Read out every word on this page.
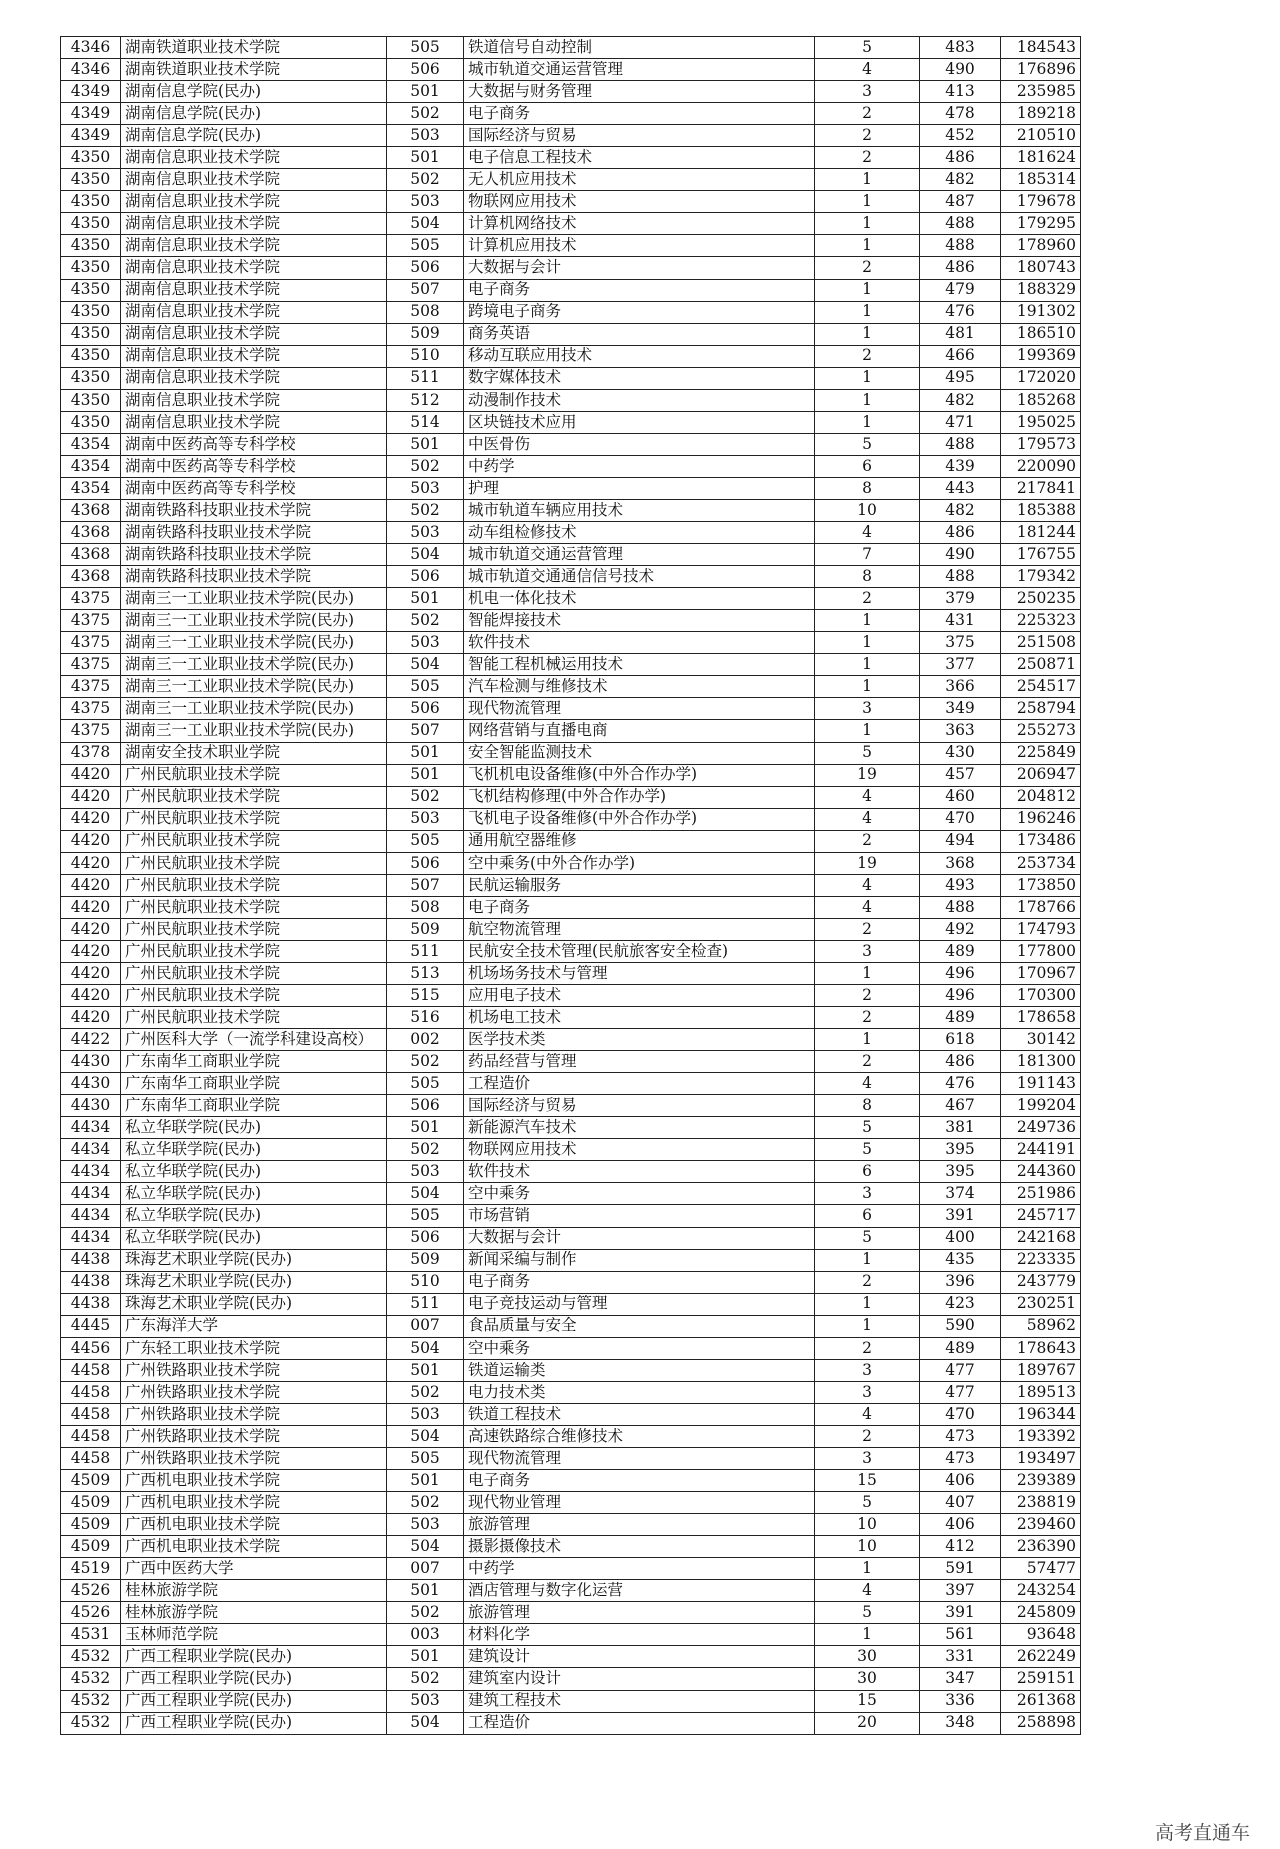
4346	湖南铁道职业技术学院	505	铁道信号自动控制	5	483	184543
4346	湖南铁道职业技术学院	506	城市轨道交通运营管理	4	490	176896
4349	湖南信息学院(民办)	501	大数据与财务管理	3	413	235985
4349	湖南信息学院(民办)	502	电子商务	2	478	189218
4349	湖南信息学院(民办)	503	国际经济与贸易	2	452	210510
4350	湖南信息职业技术学院	501	电子信息工程技术	2	486	181624
4350	湖南信息职业技术学院	502	无人机应用技术	1	482	185314
4350	湖南信息职业技术学院	503	物联网应用技术	1	487	179678
4350	湖南信息职业技术学院	504	计算机网络技术	1	488	179295
4350	湖南信息职业技术学院	505	计算机应用技术	1	488	178960
4350	湖南信息职业技术学院	506	大数据与会计	2	486	180743
4350	湖南信息职业技术学院	507	电子商务	1	479	188329
4350	湖南信息职业技术学院	508	跨境电子商务	1	476	191302
4350	湖南信息职业技术学院	509	商务英语	1	481	186510
4350	湖南信息职业技术学院	510	移动互联应用技术	2	466	199369
4350	湖南信息职业技术学院	511	数字媒体技术	1	495	172020
4350	湖南信息职业技术学院	512	动漫制作技术	1	482	185268
4350	湖南信息职业技术学院	514	区块链技术应用	1	471	195025
4354	湖南中医药高等专科学校	501	中医骨伤	5	488	179573
4354	湖南中医药高等专科学校	502	中药学	6	439	220090
4354	湖南中医药高等专科学校	503	护理	8	443	217841
4368	湖南铁路科技职业技术学院	502	城市轨道车辆应用技术	10	482	185388
4368	湖南铁路科技职业技术学院	503	动车组检修技术	4	486	181244
4368	湖南铁路科技职业技术学院	504	城市轨道交通运营管理	7	490	176755
4368	湖南铁路科技职业技术学院	506	城市轨道交通通信信号技术	8	488	179342
4375	湖南三一工业职业技术学院(民办)	501	机电一体化技术	2	379	250235
4375	湖南三一工业职业技术学院(民办)	502	智能焊接技术	1	431	225323
4375	湖南三一工业职业技术学院(民办)	503	软件技术	1	375	251508
4375	湖南三一工业职业技术学院(民办)	504	智能工程机械运用技术	1	377	250871
4375	湖南三一工业职业技术学院(民办)	505	汽车检测与维修技术	1	366	254517
4375	湖南三一工业职业技术学院(民办)	506	现代物流管理	3	349	258794
4375	湖南三一工业职业技术学院(民办)	507	网络营销与直播电商	1	363	255273
4378	湖南安全技术职业学院	501	安全智能监测技术	5	430	225849
4420	广州民航职业技术学院	501	飞机机电设备维修(中外合作办学)	19	457	206947
4420	广州民航职业技术学院	502	飞机结构修理(中外合作办学)	4	460	204812
4420	广州民航职业技术学院	503	飞机电子设备维修(中外合作办学)	4	470	196246
4420	广州民航职业技术学院	505	通用航空器维修	2	494	173486
4420	广州民航职业技术学院	506	空中乘务(中外合作办学)	19	368	253734
4420	广州民航职业技术学院	507	民航运输服务	4	493	173850
4420	广州民航职业技术学院	508	电子商务	4	488	178766
4420	广州民航职业技术学院	509	航空物流管理	2	492	174793
4420	广州民航职业技术学院	511	民航安全技术管理(民航旅客安全检查)	3	489	177800
4420	广州民航职业技术学院	513	机场场务技术与管理	1	496	170967
4420	广州民航职业技术学院	515	应用电子技术	2	496	170300
4420	广州民航职业技术学院	516	机场电工技术	2	489	178658
4422	广州医科大学（一流学科建设高校）	002	医学技术类	1	618	30142
4430	广东南华工商职业学院	502	药品经营与管理	2	486	181300
4430	广东南华工商职业学院	505	工程造价	4	476	191143
4430	广东南华工商职业学院	506	国际经济与贸易	8	467	199204
4434	私立华联学院(民办)	501	新能源汽车技术	5	381	249736
4434	私立华联学院(民办)	502	物联网应用技术	5	395	244191
4434	私立华联学院(民办)	503	软件技术	6	395	244360
4434	私立华联学院(民办)	504	空中乘务	3	374	251986
4434	私立华联学院(民办)	505	市场营销	6	391	245717
4434	私立华联学院(民办)	506	大数据与会计	5	400	242168
4438	珠海艺术职业学院(民办)	509	新闻采编与制作	1	435	223335
4438	珠海艺术职业学院(民办)	510	电子商务	2	396	243779
4438	珠海艺术职业学院(民办)	511	电子竞技运动与管理	1	423	230251
4445	广东海洋大学	007	食品质量与安全	1	590	58962
4456	广东轻工职业技术学院	504	空中乘务	2	489	178643
4458	广州铁路职业技术学院	501	铁道运输类	3	477	189767
4458	广州铁路职业技术学院	502	电力技术类	3	477	189513
4458	广州铁路职业技术学院	503	铁道工程技术	4	470	196344
4458	广州铁路职业技术学院	504	高速铁路综合维修技术	2	473	193392
4458	广州铁路职业技术学院	505	现代物流管理	3	473	193497
4509	广西机电职业技术学院	501	电子商务	15	406	239389
4509	广西机电职业技术学院	502	现代物业管理	5	407	238819
4509	广西机电职业技术学院	503	旅游管理	10	406	239460
4509	广西机电职业技术学院	504	摄影摄像技术	10	412	236390
4519	广西中医药大学	007	中药学	1	591	57477
4526	桂林旅游学院	501	酒店管理与数字化运营	4	397	243254
4526	桂林旅游学院	502	旅游管理	5	391	245809
4531	玉林师范学院	003	材料化学	1	561	93648
4532	广西工程职业学院(民办)	501	建筑设计	30	331	262249
4532	广西工程职业学院(民办)	502	建筑室内设计	30	347	259151
4532	广西工程职业学院(民办)	503	建筑工程技术	15	336	261368
4532	广西工程职业学院(民办)	504	工程造价	20	348	258898
高考直通车
